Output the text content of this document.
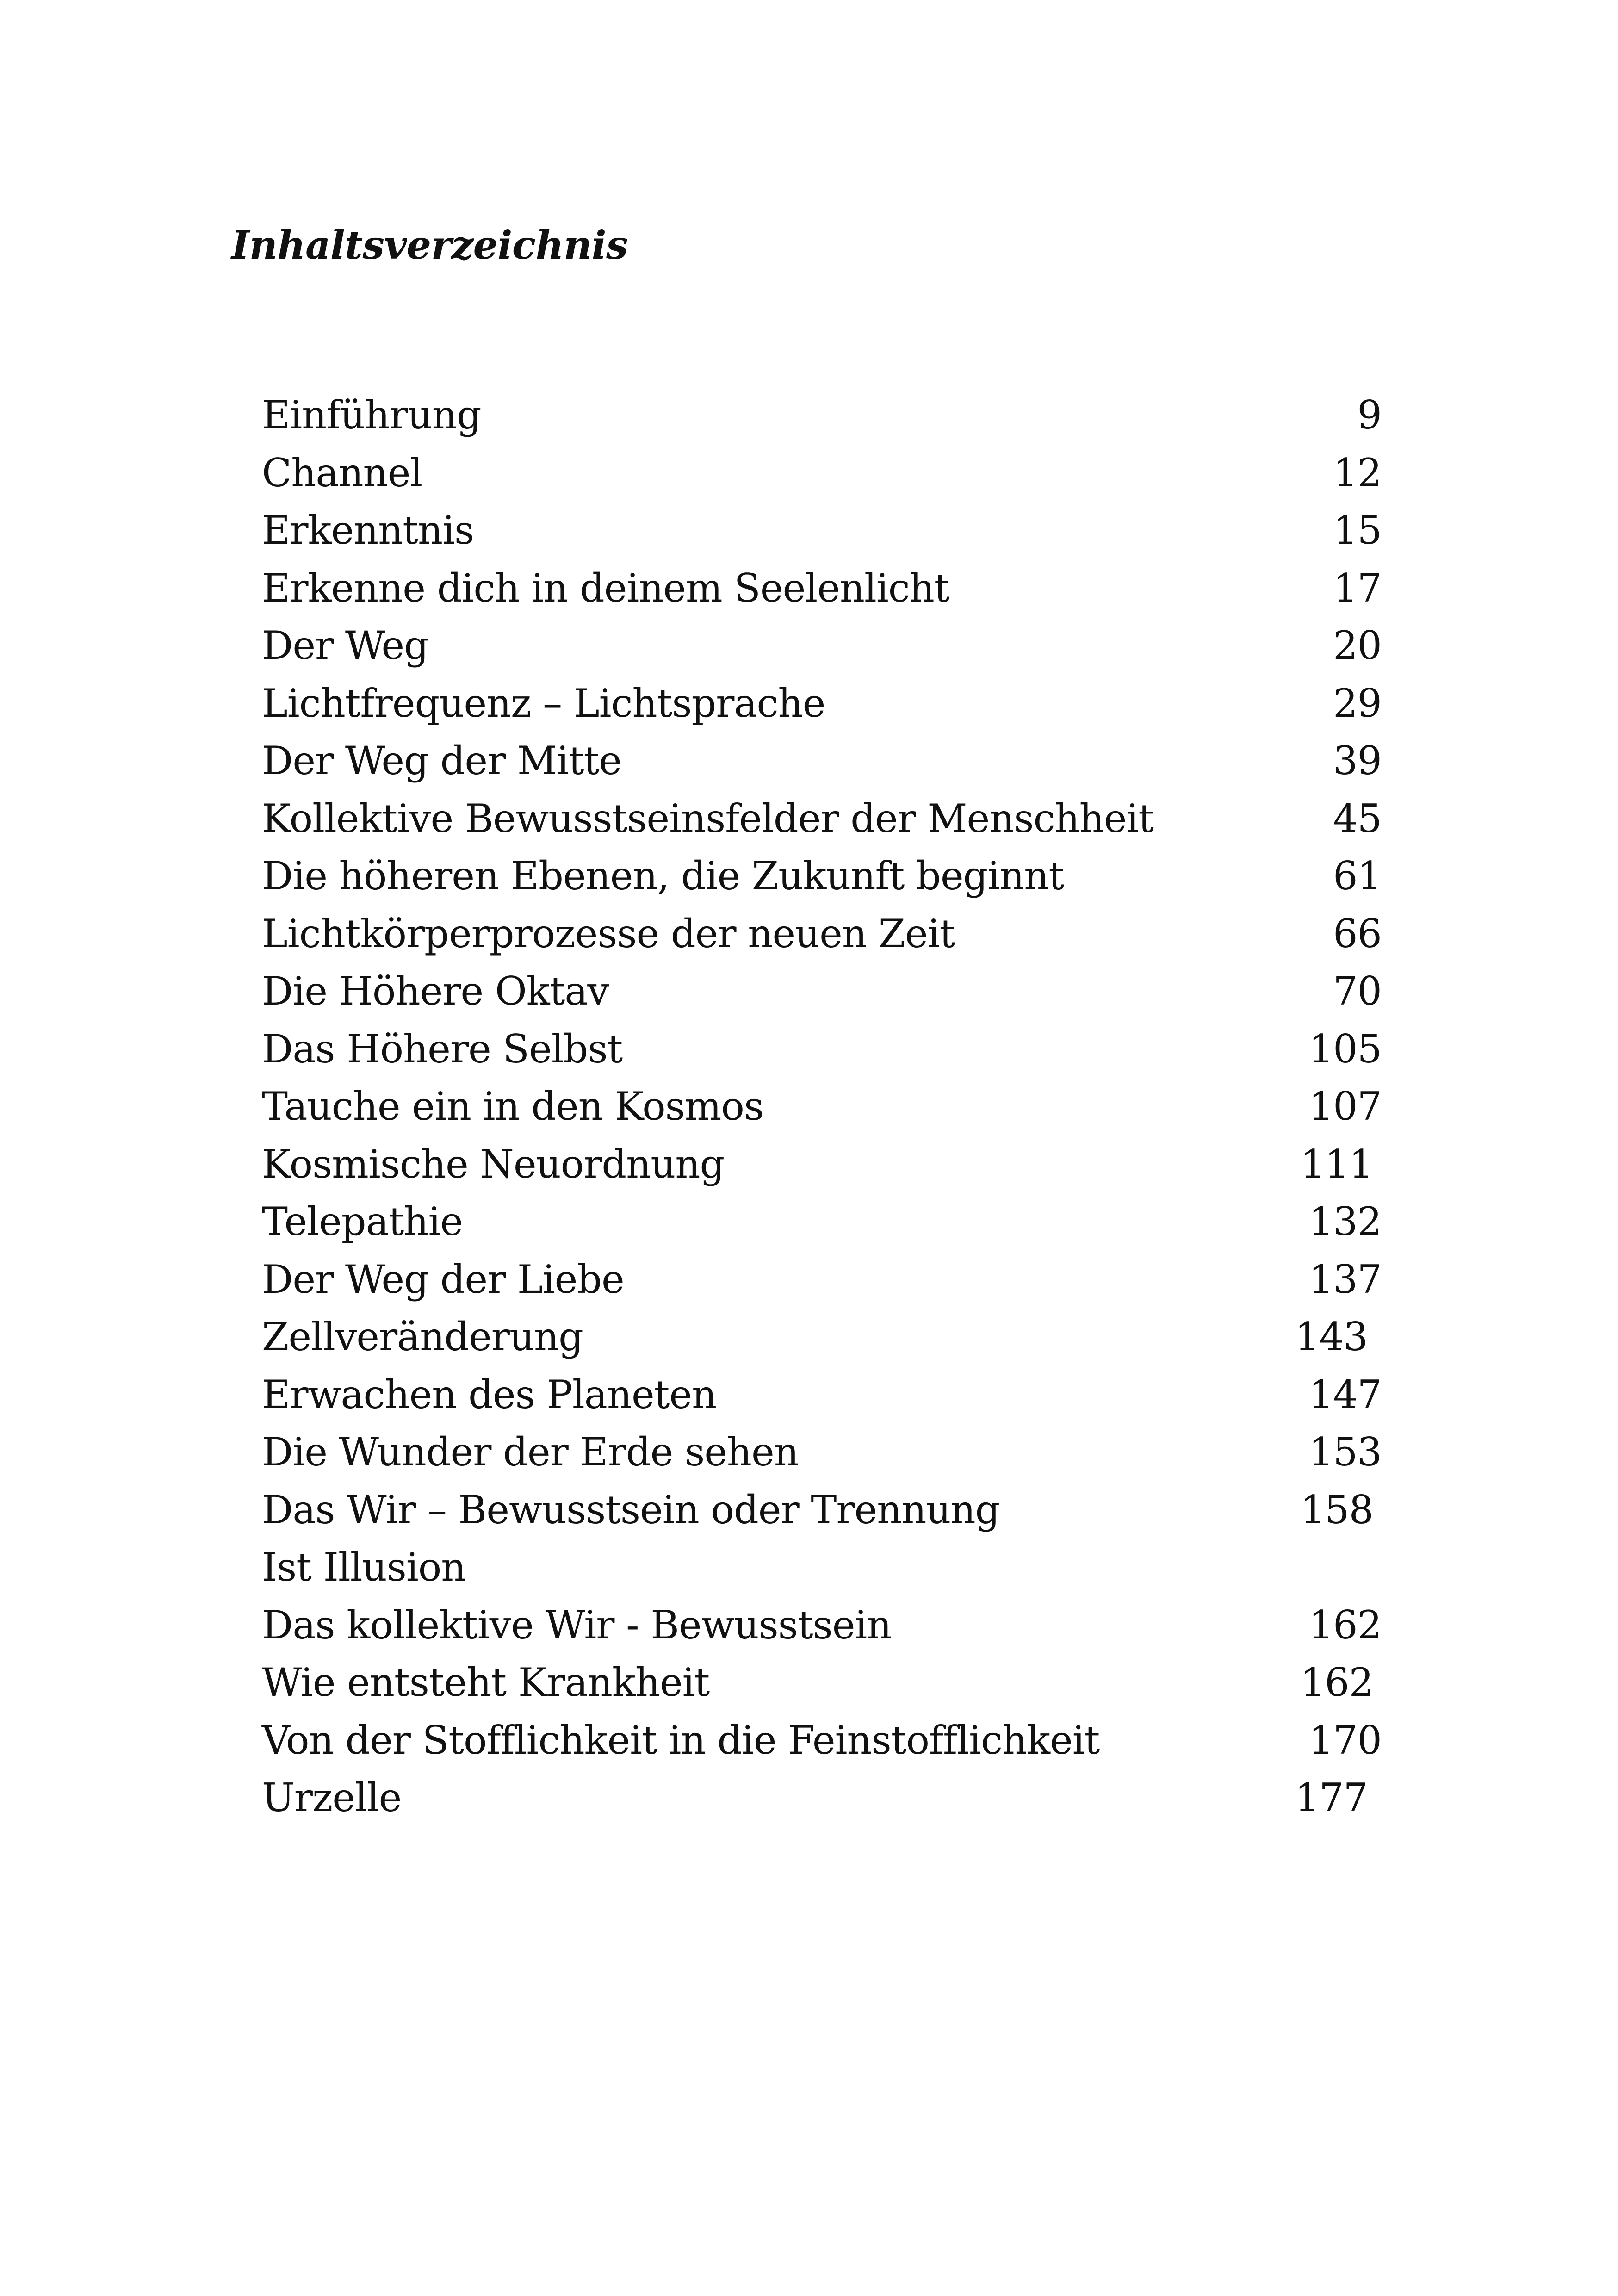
Inhaltsverzeichnis
Einführung	9
Channel	12
Erkenntnis	15
Erkenne dich in deinem Seelenlicht	17
Der Weg	20
Lichtfrequenz – Lichtsprache	29
Der Weg der Mitte	39
Kollektive Bewusstseinsfelder der Menschheit	45
Die höheren Ebenen, die Zukunft beginnt	61
Lichtkörperprozesse der neuen Zeit	66
Die Höhere Oktav	70
Das Höhere Selbst	105
Tauche ein in den Kosmos	107
Kosmische Neuordnung	111
Telepathie	132
Der Weg der Liebe	137
Zellveränderung	143
Erwachen des Planeten	147
Die Wunder der Erde sehen	153
Das Wir – Bewusstsein oder Trennung	158
Ist Illusion
Das kollektive Wir - Bewusstsein	162
Wie entsteht Krankheit	162
Von der Stofflichkeit in die Feinstofflichkeit	170
Urzelle	177
